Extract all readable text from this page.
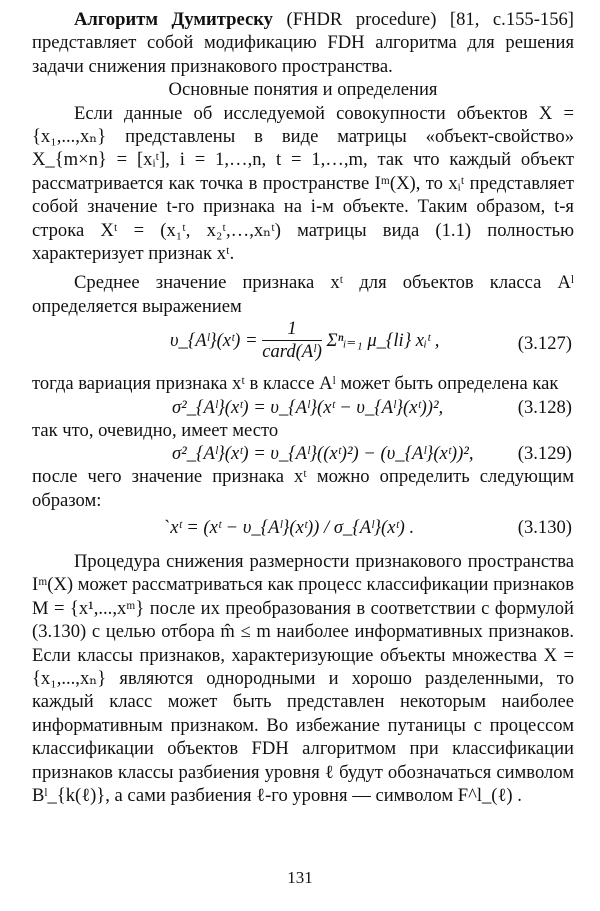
Алгоритм Думитреску (FHDR procedure) [81, с.155-156] представляет собой модификацию FDH алгоритма для решения задачи снижения признакового пространства.

Основные понятия и определения

Если данные об исследуемой совокупности объектов X = {x₁,...,xₙ} представлены в виде матрицы «объект-свойство» X_{m×n} = [xᵢᵗ], i = 1,…,n, t = 1,…,m, так что каждый объект рассматривается как точка в пространстве Iᵐ(X), то xᵢᵗ представляет собой значение t-го признака на i-м объекте. Таким образом, t-я строка Xᵗ = (x₁ᵗ, x₂ᵗ,…,xₙᵗ) матрицы вида (1.1) полностью характеризует признак xᵗ.

Среднее значение признака xᵗ для объектов класса Aˡ определяется выражением

υ_{Aˡ}(xᵗ) = $\frac{1}{\text{card(Aˡ)}}$ Σⁿᵢ₌₁ μ_{li} xᵢᵗ ,	(3.127)

тогда вариация признака xᵗ в классе Aˡ может быть определена как

σ²_{Aˡ}(xᵗ) = υ_{Aˡ}(xᵗ − υ_{Aˡ}(xᵗ))²,	(3.128)

так что, очевидно, имеет место

σ²_{Aˡ}(xᵗ) = υ_{Aˡ}((xᵗ)²) − (υ_{Aˡ}(xᵗ))², (3.129)

после чего значение признака xᵗ можно определить следующим образом:

ˋxᵗ = (xᵗ − υ_{Aˡ}(xᵗ)) / σ_{Aˡ}(xᵗ) .	(3.130)

Процедура снижения размерности признакового пространства Iᵐ(X) может рассматриваться как процесс классификации признаков M = {x¹,...,xᵐ} после их преобразования в соответствии с формулой (3.130) с целью отбора m̂ ≤ m наиболее информативных признаков. Если классы признаков, характеризующие объекты множества X = {x₁,...,xₙ} являются однородными и хорошо разделенными, то каждый класс может быть представлен некоторым наиболее информативным признаком. Во избежание путаницы с процессом классификации объектов FDH алгоритмом при классификации признаков классы разбиения уровня ℓ будут обозначаться символом Bˡ_{k(ℓ)}, а сами разбиения ℓ-го уровня — символом F^l_(ℓ) .

131
